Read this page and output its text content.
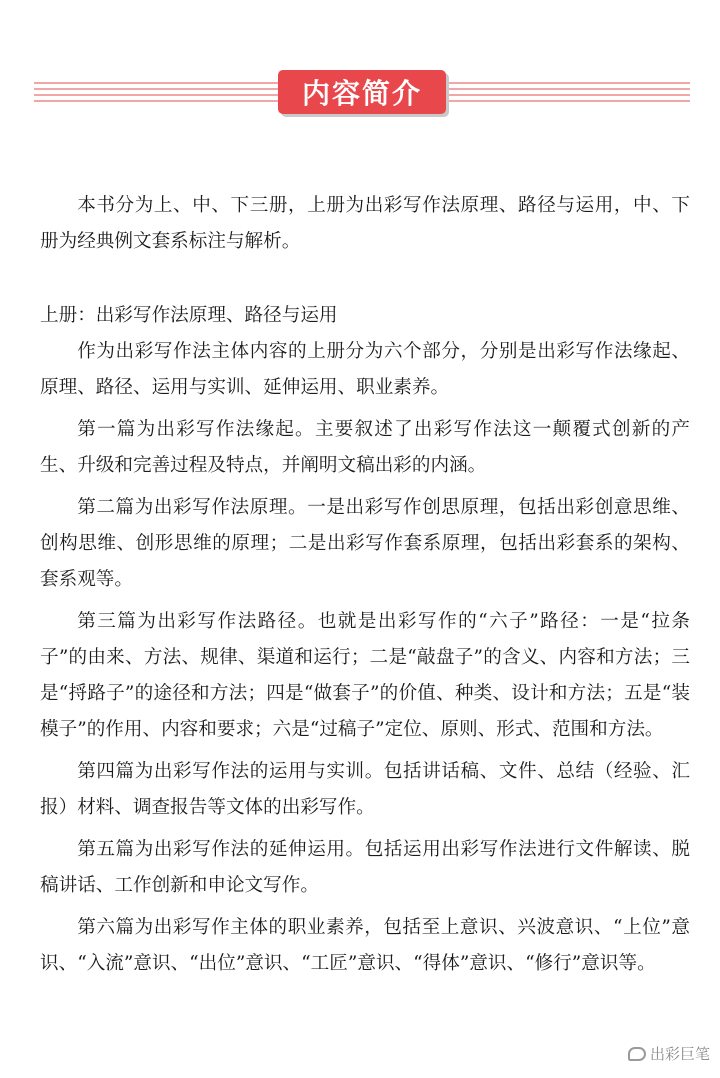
内容简介

本书分为上、中、下三册，上册为出彩写作法原理、路径与运用，中、下册为经典例文套系标注与解析。

上册：出彩写作法原理、路径与运用

作为出彩写作法主体内容的上册分为六个部分，分别是出彩写作法缘起、原理、路径、运用与实训、延伸运用、职业素养。

第一篇为出彩写作法缘起。主要叙述了出彩写作法这一颠覆式创新的产生、升级和完善过程及特点，并阐明文稿出彩的内涵。

第二篇为出彩写作法原理。一是出彩写作创思原理，包括出彩创意思维、创构思维、创形思维的原理；二是出彩写作套系原理，包括出彩套系的架构、套系观等。

第三篇为出彩写作法路径。也就是出彩写作的“六子”路径：一是“拉条子”的由来、方法、规律、渠道和运行；二是“敲盘子”的含义、内容和方法；三是“捋路子”的途径和方法；四是“做套子”的价值、种类、设计和方法；五是“装模子”的作用、内容和要求；六是“过稿子”定位、原则、形式、范围和方法。

第四篇为出彩写作法的运用与实训。包括讲话稿、文件、总结（经验、汇报）材料、调查报告等文体的出彩写作。

第五篇为出彩写作法的延伸运用。包括运用出彩写作法进行文件解读、脱稿讲话、工作创新和申论文写作。

第六篇为出彩写作主体的职业素养，包括至上意识、兴波意识、“上位”意识、“入流”意识、“出位”意识、“工匠”意识、“得体”意识、“修行”意识等。

出彩巨笔
